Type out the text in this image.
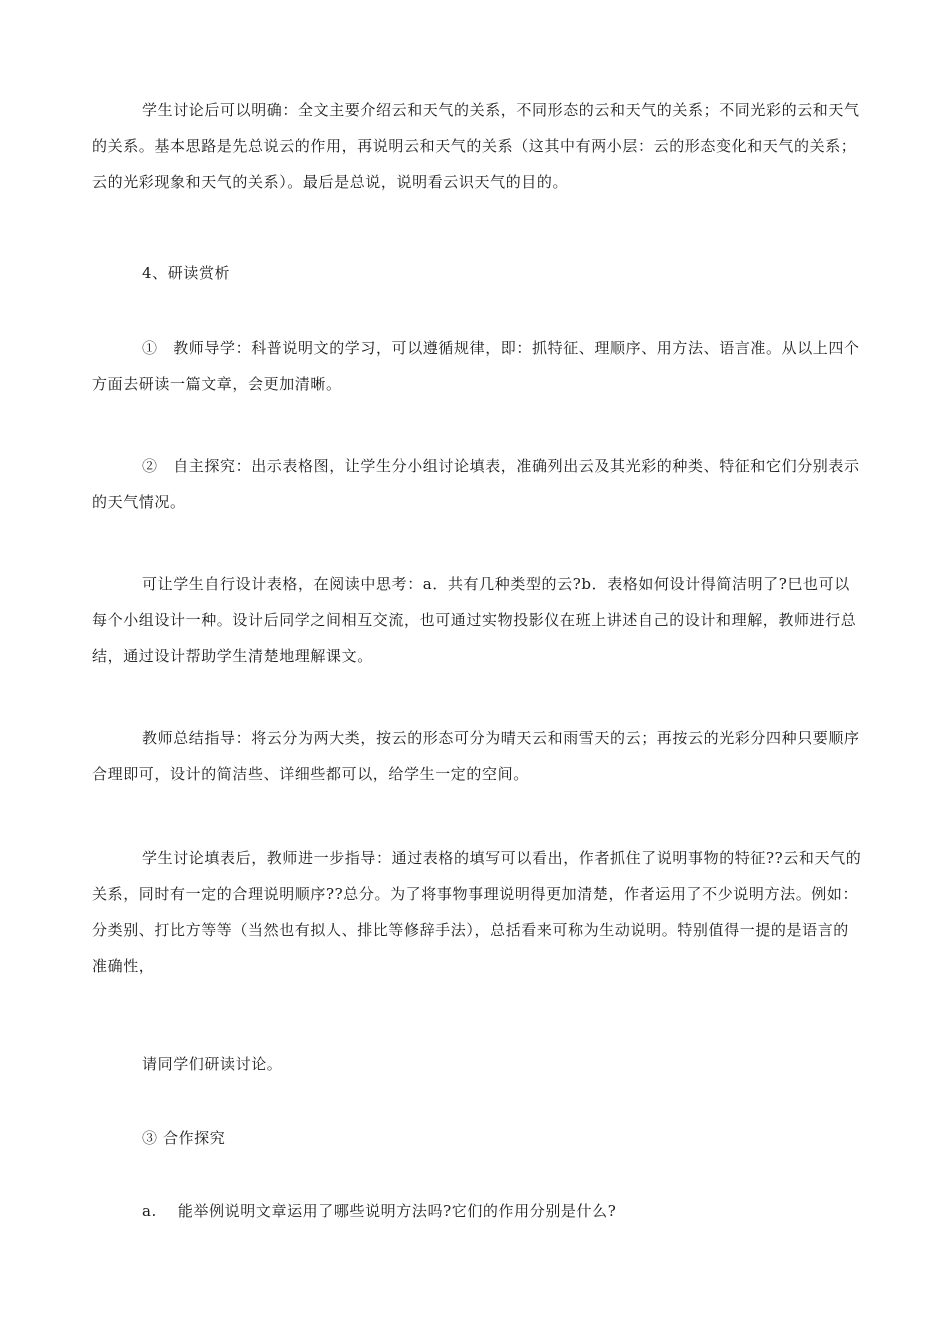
学生讨论后可以明确：全文主要介绍云和天气的关系，不同形态的云和天气的关系；不同光彩的云和天气的关系。基本思路是先总说云的作用，再说明云和天气的关系（这其中有两小层：云的形态变化和天气的关系；云的光彩现象和天气的关系）。最后是总说，说明看云识天气的目的。

4、研读赏析

①　教师导学：科普说明文的学习，可以遵循规律，即：抓特征、理顺序、用方法、语言准。从以上四个方面去研读一篇文章，会更加清晰。

②　自主探究：出示表格图，让学生分小组讨论填表，准确列出云及其光彩的种类、特征和它们分别表示的天气情况。

可让学生自行设计表格，在阅读中思考：a．共有几种类型的云?b．表格如何设计得简洁明了?巳也可以每个小组设计一种。设计后同学之间相互交流，也可通过实物投影仪在班上讲述自己的设计和理解，教师进行总结，通过设计帮助学生清楚地理解课文。

教师总结指导：将云分为两大类，按云的形态可分为晴天云和雨雪天的云；再按云的光彩分四种只要顺序合理即可，设计的简洁些、详细些都可以，给学生一定的空间。

学生讨论填表后，教师进一步指导：通过表格的填写可以看出，作者抓住了说明事物的特征??云和天气的关系，同时有一定的合理说明顺序??总分。为了将事物事理说明得更加清楚，作者运用了不少说明方法。例如：分类别、打比方等等（当然也有拟人、排比等修辞手法），总括看来可称为生动说明。特别值得一提的是语言的准确性，

请同学们研读讨论。

③ 合作探究

a.　 能举例说明文章运用了哪些说明方法吗?它们的作用分别是什么?
